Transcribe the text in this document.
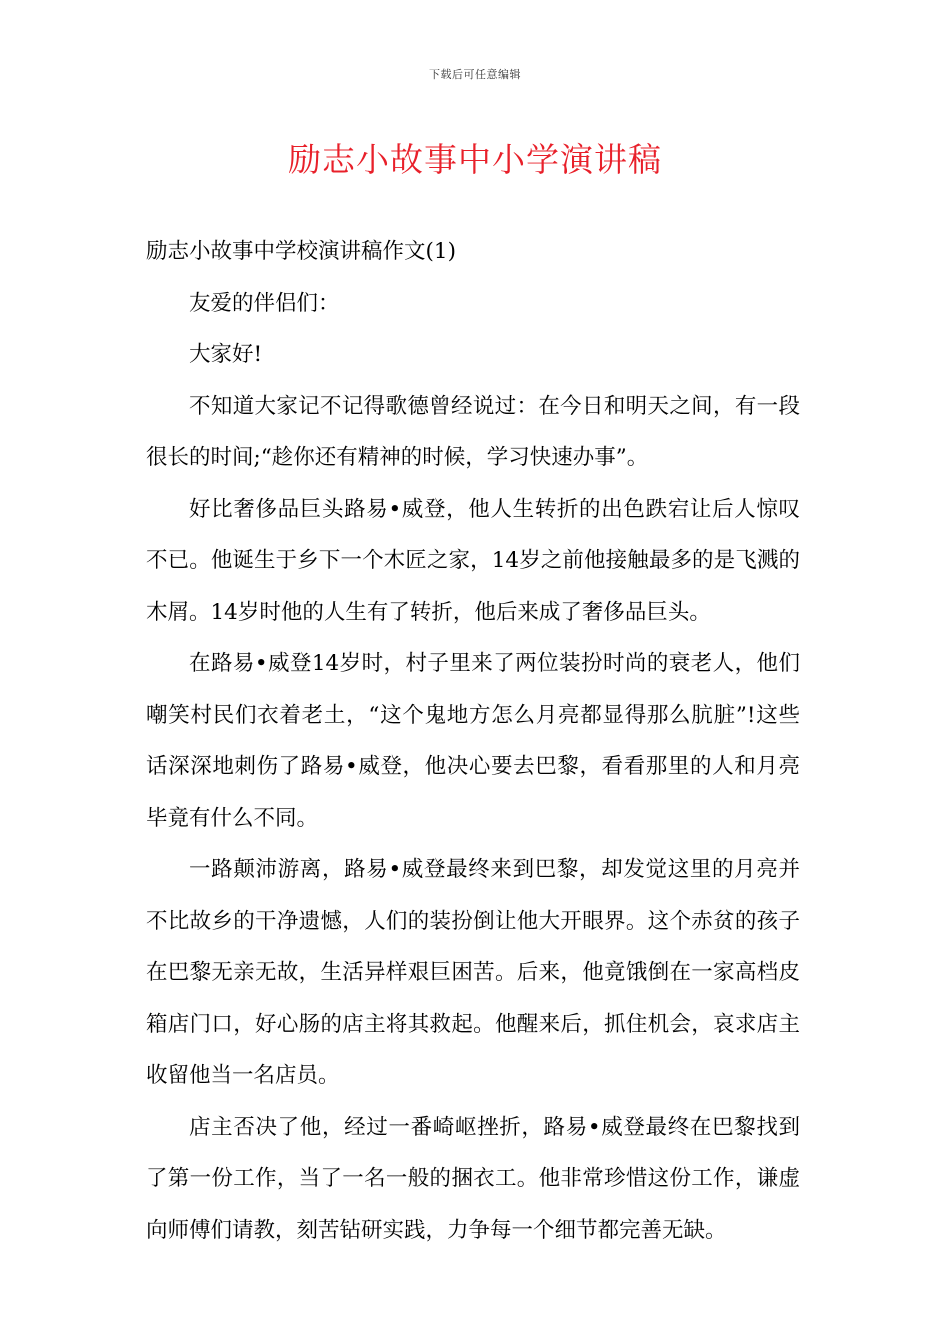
下载后可任意编辑
励志小故事中小学演讲稿

励志小故事中学校演讲稿作文(1)

友爱的伴侣们：

大家好!

不知道大家记不记得歌德曾经说过：在今日和明天之间，有一段很长的时间;“趁你还有精神的时候，学习快速办事”。

好比奢侈品巨头路易•威登，他人生转折的出色跌宕让后人惊叹不已。他诞生于乡下一个木匠之家，14岁之前他接触最多的是飞溅的木屑。14岁时他的人生有了转折，他后来成了奢侈品巨头。

在路易•威登14岁时，村子里来了两位装扮时尚的衰老人，他们嘲笑村民们衣着老土，“这个鬼地方怎么月亮都显得那么肮脏”!这些话深深地刺伤了路易•威登，他决心要去巴黎，看看那里的人和月亮毕竟有什么不同。

一路颠沛游离，路易•威登最终来到巴黎，却发觉这里的月亮并不比故乡的干净遗憾，人们的装扮倒让他大开眼界。这个赤贫的孩子在巴黎无亲无故，生活异样艰巨困苦。后来，他竟饿倒在一家高档皮箱店门口，好心肠的店主将其救起。他醒来后，抓住机会，哀求店主收留他当一名店员。

店主否决了他，经过一番崎岖挫折，路易•威登最终在巴黎找到了第一份工作，当了一名一般的捆衣工。他非常珍惜这份工作，谦虚向师傅们请教，刻苦钻研实践，力争每一个细节都完善无缺。
